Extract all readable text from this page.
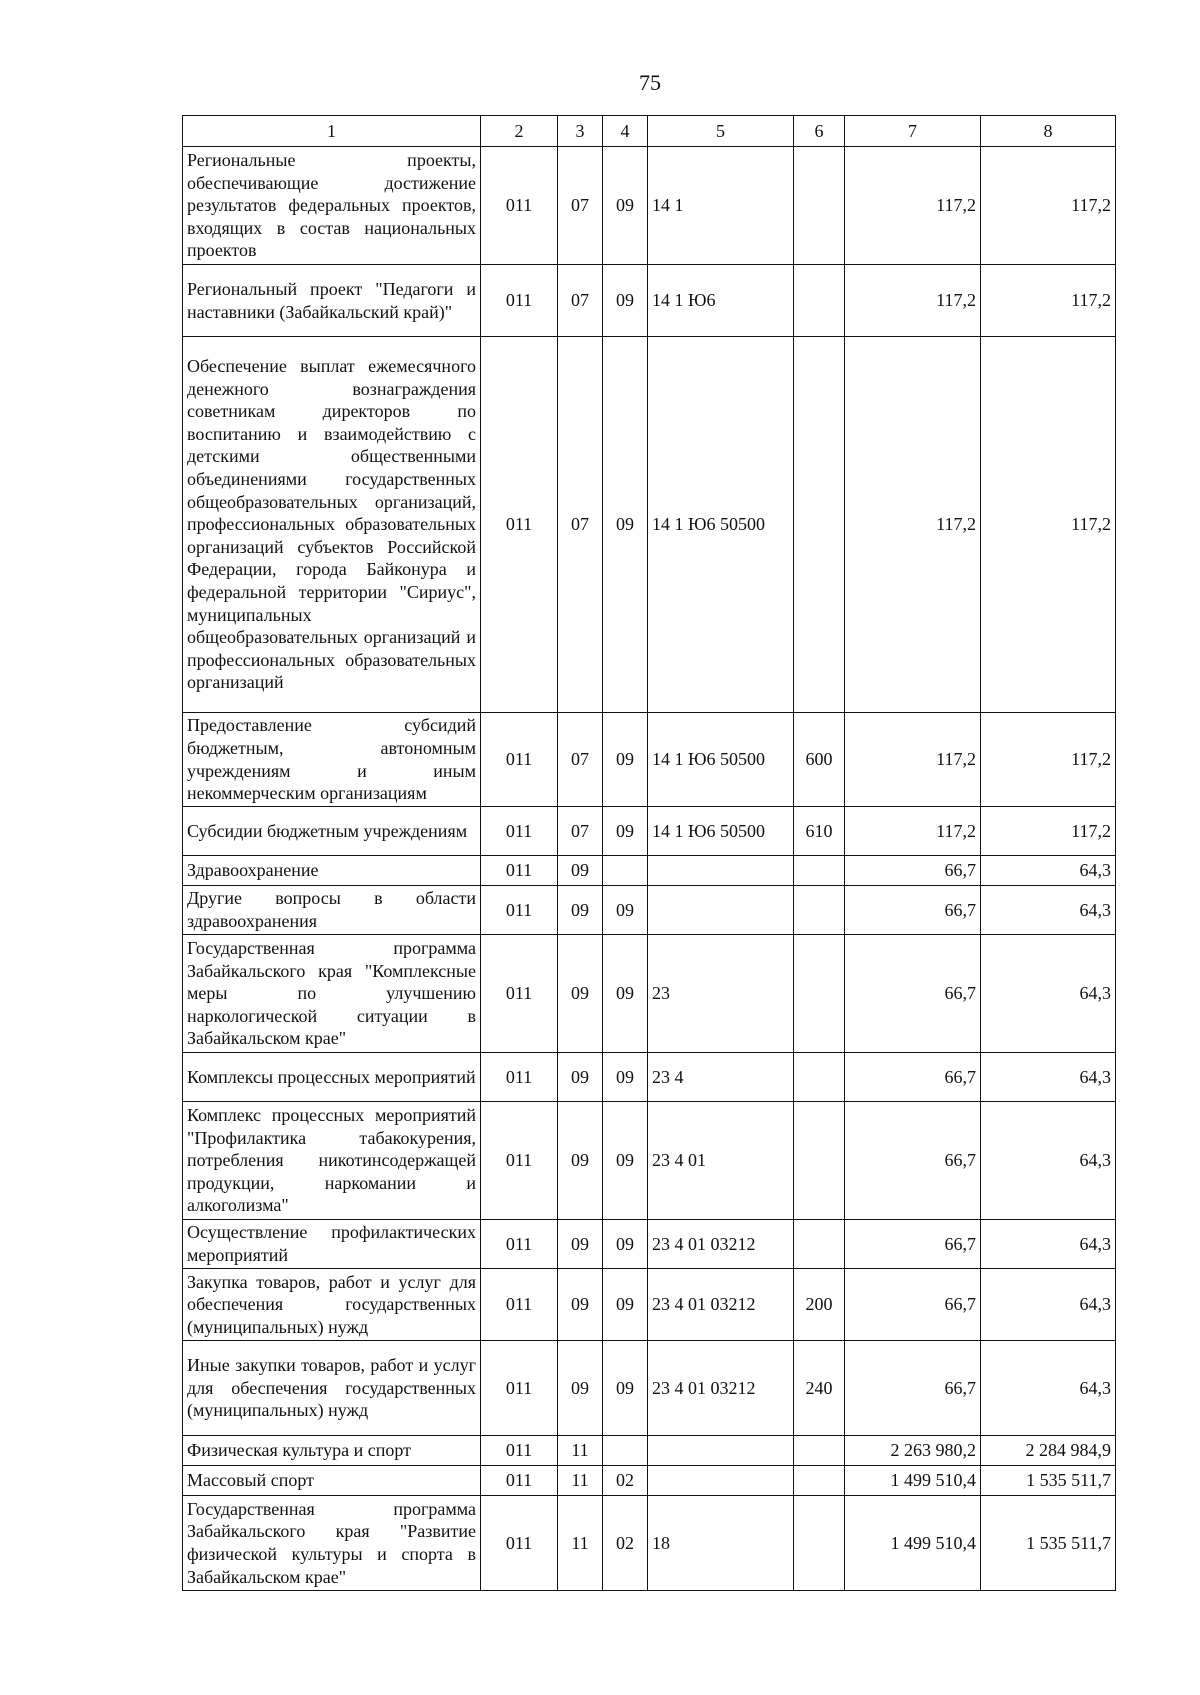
75
1	2	3	4	5	6	7	8
Региональные проекты, обеспечивающие достижение результатов федеральных проектов, входящих в состав национальных проектов	011	07	09	14 1		117,2	117,2
Региональный проект "Педагоги и наставники (Забайкальский край)"	011	07	09	14 1 Ю6		117,2	117,2
Обеспечение выплат ежемесячного денежного вознаграждения советникам директоров по воспитанию и взаимодействию с детскими общественными объединениями государственных общеобразовательных организаций, профессиональных образовательных организаций субъектов Российской Федерации, города Байконура и федеральной территории "Сириус", муниципальных общеобразовательных организаций и профессиональных образовательных организаций	011	07	09	14 1 Ю6 50500		117,2	117,2
Предоставление субсидий бюджетным, автономным учреждениям и иным некоммерческим организациям	011	07	09	14 1 Ю6 50500	600	117,2	117,2
Субсидии бюджетным учреждениям	011	07	09	14 1 Ю6 50500	610	117,2	117,2
Здравоохранение	011	09				66,7	64,3
Другие вопросы в области здравоохранения	011	09	09			66,7	64,3
Государственная программа Забайкальского края "Комплексные меры по улучшению наркологической ситуации в Забайкальском крае"	011	09	09	23		66,7	64,3
Комплексы процессных мероприятий	011	09	09	23 4		66,7	64,3
Комплекс процессных мероприятий "Профилактика табакокурения, потребления никотинсодержащей продукции, наркомании и алкоголизма"	011	09	09	23 4 01		66,7	64,3
Осуществление профилактических мероприятий	011	09	09	23 4 01 03212		66,7	64,3
Закупка товаров, работ и услуг для обеспечения государственных (муниципальных) нужд	011	09	09	23 4 01 03212	200	66,7	64,3
Иные закупки товаров, работ и услуг для обеспечения государственных (муниципальных) нужд	011	09	09	23 4 01 03212	240	66,7	64,3
Физическая культура и спорт	011	11				2 263 980,2	2 284 984,9
Массовый спорт	011	11	02			1 499 510,4	1 535 511,7
Государственная программа Забайкальского края "Развитие физической культуры и спорта в Забайкальском крае"	011	11	02	18		1 499 510,4	1 535 511,7
